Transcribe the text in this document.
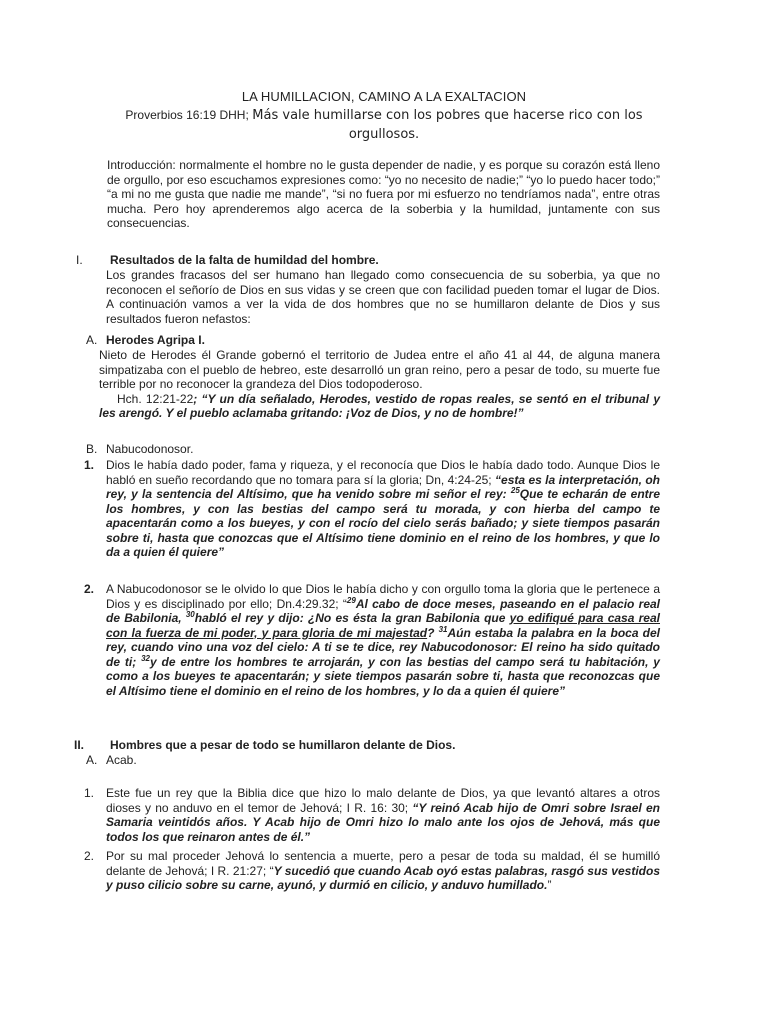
LA HUMILLACION, CAMINO A LA EXALTACION
Proverbios 16:19 DHH; Más vale humillarse con los pobres que hacerse rico con los orgullosos.
Introducción: normalmente el hombre no le gusta depender de nadie, y es porque su corazón está lleno de orgullo, por eso escuchamos expresiones como: “yo no necesito de nadie;” “yo lo puedo hacer todo;” “a mi no me gusta que nadie me mande”, “si no fuera por mi esfuerzo no tendríamos nada”, entre otras mucha. Pero hoy aprenderemos algo acerca de la soberbia y la humildad, juntamente con sus consecuencias.
I. Resultados de la falta de humildad del hombre.
Los grandes fracasos del ser humano han llegado como consecuencia de su soberbia, ya que no reconocen el señorío de Dios en sus vidas y se creen que con facilidad pueden tomar el lugar de Dios. A continuación vamos a ver la vida de dos hombres que no se humillaron delante de Dios y sus resultados fueron nefastos:
A. Herodes Agripa I.
Nieto de Herodes él Grande gobernó el territorio de Judea entre el año 41 al 44, de alguna manera simpatizaba con el pueblo de hebreo, este desarrolló un gran reino, pero a pesar de todo, su muerte fue terrible por no reconocer la grandeza del Dios todopoderoso.
Hch. 12:21-22; “Y un día señalado, Herodes, vestido de ropas reales, se sentó en el tribunal y les arengó. Y el pueblo aclamaba gritando: ¡Voz de Dios, y no de hombre!”
B. Nabucodonosor.
1. Dios le había dado poder, fama y riqueza, y el reconocía que Dios le había dado todo. Aunque Dios le habló en sueño recordando que no tomara para sí la gloria; Dn, 4:24-25; “esta es la interpretación, oh rey, y la sentencia del Altísimo, que ha venido sobre mi señor el rey: $^{25}$Que te echarán de entre los hombres, y con las bestias del campo será tu morada, y con hierba del campo te apacentarán como a los bueyes, y con el rocío del cielo serás bañado; y siete tiempos pasarán sobre ti, hasta que conozcas que el Altísimo tiene dominio en el reino de los hombres, y que lo da a quien él quiere”
2. A Nabucodonosor se le olvido lo que Dios le había dicho y con orgullo toma la gloria que le pertenece a Dios y es disciplinado por ello; Dn.4:29.32; “$^{29}$Al cabo de doce meses, paseando en el palacio real de Babilonia, $^{30}$habló el rey y dijo: ¿No es ésta la gran Babilonia que yo edifiqué para casa real con la fuerza de mi poder, y para gloria de mi majestad? $^{31}$Aún estaba la palabra en la boca del rey, cuando vino una voz del cielo: A ti se te dice, rey Nabucodonosor: El reino ha sido quitado de ti; $^{32}$y de entre los hombres te arrojarán, y con las bestias del campo será tu habitación, y como a los bueyes te apacentarán; y siete tiempos pasarán sobre ti, hasta que reconozcas que el Altísimo tiene el dominio en el reino de los hombres, y lo da a quien él quiere”
II. Hombres que a pesar de todo se humillaron delante de Dios.
A. Acab.
1. Este fue un rey que la Biblia dice que hizo lo malo delante de Dios, ya que levantó altares a otros dioses y no anduvo en el temor de Jehová; I R. 16: 30; “Y reinó Acab hijo de Omri sobre Israel en Samaria veintidós años. Y Acab hijo de Omri hizo lo malo ante los ojos de Jehová, más que todos los que reinaron antes de él.”
2. Por su mal proceder Jehová lo sentencia a muerte, pero a pesar de toda su maldad, él se humilló delante de Jehová; I R. 21:27; “Y sucedió que cuando Acab oyó estas palabras, rasgó sus vestidos y puso cilicio sobre su carne, ayunó, y durmió en cilicio, y anduvo humillado.”
